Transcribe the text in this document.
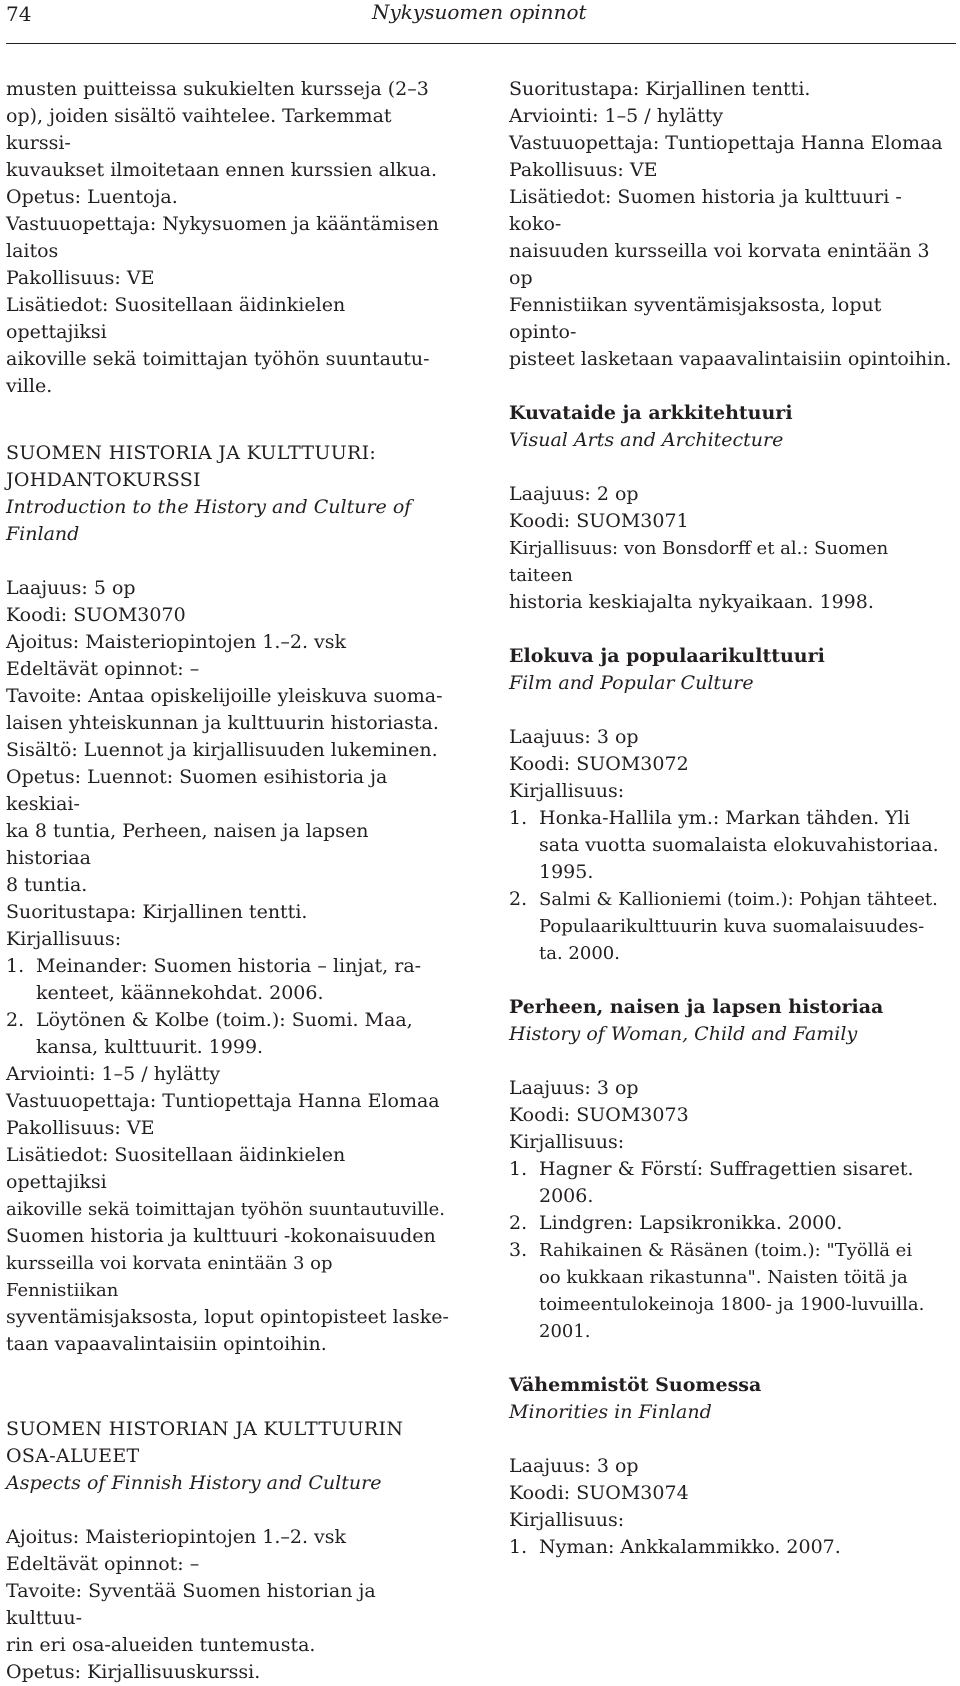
74	Nykysuomen opinnot

musten puitteissa sukukielten kursseja (2–3

op), joiden sisältö vaihtelee. Tarkemmat kurssi-

kuvaukset ilmoitetaan ennen kurssien alkua.

Opetus: Luentoja.

Vastuuopettaja: Nykysuomen ja kääntämisen

laitos

Pakollisuus: VE

Lisätiedot: Suositellaan äidinkielen opettajiksi

aikoville sekä toimittajan työhön suuntautu-

ville.

SUOMEN HISTORIA JA KULTTUURI:

JOHDANTOKURSSI

Introduction to the History and Culture of

Finland

Laajuus: 5 op

Koodi: SUOM3070

Ajoitus: Maisteriopintojen 1.–2. vsk

Edeltävät opinnot: –

Tavoite: Antaa opiskelijoille yleiskuva suoma-

laisen yhteiskunnan ja kulttuurin historiasta.

Sisältö: Luennot ja kirjallisuuden lukeminen.

Opetus: Luennot: Suomen esihistoria ja keskiai-

ka 8 tuntia, Perheen, naisen ja lapsen historiaa

8 tuntia.

Suoritustapa: Kirjallinen tentti.

Kirjallisuus:

1. Meinander: Suomen historia – linjat, ra-
kenteet, käännekohdat. 2006.
2. Löytönen & Kolbe (toim.): Suomi. Maa,
kansa, kulttuurit. 1999.

Arviointi: 1–5 / hylätty

Vastuuopettaja: Tuntiopettaja Hanna Elomaa

Pakollisuus: VE

Lisätiedot: Suositellaan äidinkielen opettajiksi

aikoville sekä toimittajan työhön suuntautuville.

Suomen historia ja kulttuuri -kokonaisuuden

kursseilla voi korvata enintään 3 op Fennistiikan

syventämisjaksosta, loput opintopisteet laske-

taan vapaavalintaisiin opintoihin.

SUOMEN HISTORIAN JA KULTTUURIN

OSA-ALUEET

Aspects of Finnish History and Culture

Ajoitus: Maisteriopintojen 1.–2. vsk

Edeltävät opinnot: –

Tavoite: Syventää Suomen historian ja kulttuu-

rin eri osa-alueiden tuntemusta.

Opetus: Kirjallisuuskurssi.

Suoritustapa: Kirjallinen tentti.

Arviointi: 1–5 / hylätty

Vastuuopettaja: Tuntiopettaja Hanna Elomaa

Pakollisuus: VE

Lisätiedot: Suomen historia ja kulttuuri -koko-

naisuuden kursseilla voi korvata enintään 3 op

Fennistiikan syventämisjaksosta, loput opinto-

pisteet lasketaan vapaavalintaisiin opintoihin.

Kuvataide ja arkkitehtuuri

Visual Arts and Architecture

Laajuus: 2 op

Koodi: SUOM3071

Kirjallisuus: von Bonsdorff et al.: Suomen taiteen

historia keskiajalta nykyaikaan. 1998.

Elokuva ja populaarikulttuuri

Film and Popular Culture

Laajuus: 3 op

Koodi: SUOM3072

Kirjallisuus:

1. Honka-Hallila ym.: Markan tähden. Yli
sata vuotta suomalaista elokuvahistoriaa.
1995.
2. Salmi & Kallioniemi (toim.): Pohjan tähteet.
Populaarikulttuurin kuva suomalaisuudes-
ta. 2000.

Perheen, naisen ja lapsen historiaa

History of Woman, Child and Family

Laajuus: 3 op

Koodi: SUOM3073

Kirjallisuus:

1. Hagner & Förstí: Suffragettien sisaret.
2006.
2. Lindgren: Lapsikronikka. 2000.
3. Rahikainen & Räsänen (toim.): "Työllä ei
oo kukkaan rikastunna". Naisten töitä ja
toimeentulokeinoja 1800- ja 1900-luvuilla.
2001.

Vähemmistöt Suomessa

Minorities in Finland

Laajuus: 3 op

Koodi: SUOM3074

Kirjallisuus:

1. Nyman: Ankkalammikko. 2007.
